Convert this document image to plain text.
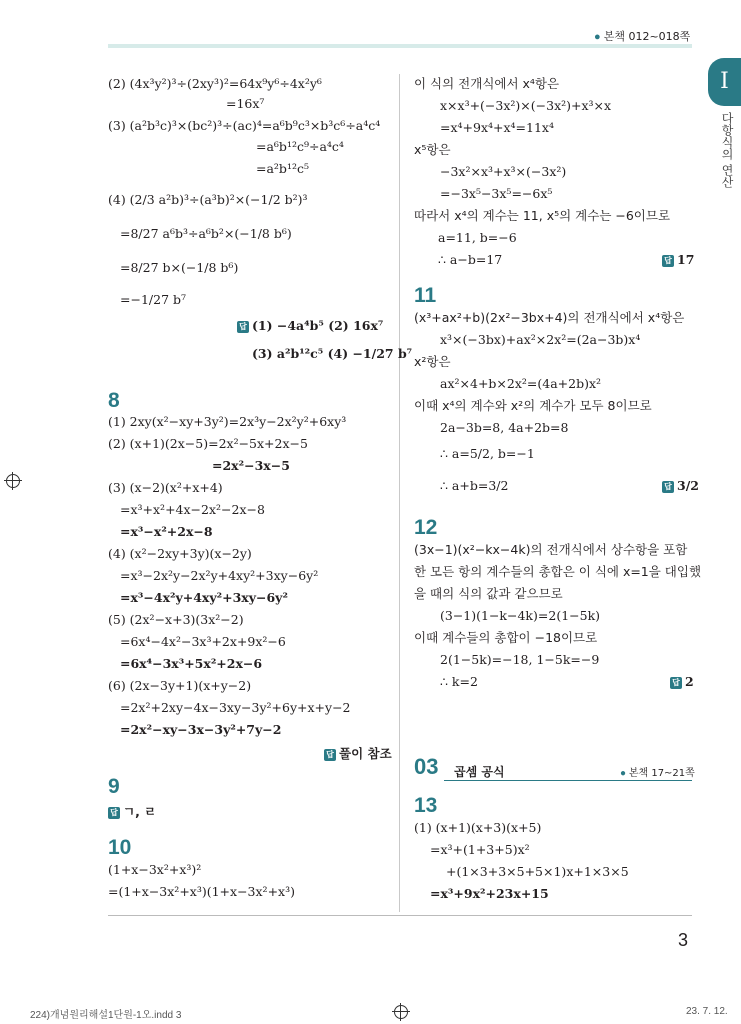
● 본책 012~018쪽
I
다항식의 연산
(2) (4x³y²)³÷(2xy³)²=64x⁹y⁶÷4x²y⁶
=16x⁷
(3) (a²b³c)³×(bc²)³÷(ac)⁴=a⁶b⁹c³×b³c⁶÷a⁴c⁴
=a⁶b¹²c⁹÷a⁴c⁴
=a²b¹²c⁵
(4) (2/3 a²b)³÷(a³b)²×(−1/2 b²)³
=8/27 a⁶b³÷a⁶b²×(−1/8 b⁶)
=8/27 b×(−1/8 b⁶)
=−1/27 b⁷
답 (1) −4a⁴b⁵ (2) 16x⁷
(3) a²b¹²c⁵ (4) −1/27 b⁷
8
(1) 2xy(x²−xy+3y²)=2x³y−2x²y²+6xy³
(2) (x+1)(2x−5)=2x²−5x+2x−5
=2x²−3x−5
(3) (x−2)(x²+x+4)
=x³+x²+4x−2x²−2x−8
=x³−x²+2x−8
(4) (x²−2xy+3y)(x−2y)
=x³−2x²y−2x²y+4xy²+3xy−6y²
=x³−4x²y+4xy²+3xy−6y²
(5) (2x²−x+3)(3x²−2)
=6x⁴−4x²−3x³+2x+9x²−6
=6x⁴−3x³+5x²+2x−6
(6) (2x−3y+1)(x+y−2)
=2x²+2xy−4x−3xy−3y²+6y+x+y−2
=2x²−xy−3x−3y²+7y−2
답 풀이 참조
9
답 ㄱ, ㄹ
10
(1+x−3x²+x³)²
=(1+x−3x²+x³)(1+x−3x²+x³)
이 식의 전개식에서 x⁴항은
x×x³+(−3x²)×(−3x²)+x³×x
=x⁴+9x⁴+x⁴=11x⁴
x⁵항은
−3x²×x³+x³×(−3x²)
=−3x⁵−3x⁵=−6x⁵
따라서 x⁴의 계수는 11, x⁵의 계수는 −6이므로
a=11, b=−6
∴ a−b=17	답 17
11
(x³+ax²+b)(2x²−3bx+4)의 전개식에서 x⁴항은
x³×(−3bx)+ax²×2x²=(2a−3b)x⁴
x²항은
ax²×4+b×2x²=(4a+2b)x²
이때 x⁴의 계수와 x²의 계수가 모두 8이므로
2a−3b=8, 4a+2b=8
∴ a=5/2, b=−1
∴ a+b=3/2	답 3/2
12
(3x−1)(x²−kx−4k)의 전개식에서 상수항을 포함
한 모든 항의 계수들의 총합은 이 식에 x=1을 대입했
을 때의 식의 값과 같으므로
(3−1)(1−k−4k)=2(1−5k)
이때 계수들의 총합이 −18이므로
2(1−5k)=−18, 1−5k=−9
∴ k=2	답 2
03 곱셈 공식	● 본책 17~21쪽
13
(1) (x+1)(x+3)(x+5)
=x³+(1+3+5)x²
+(1×3+3×5+5×1)x+1×3×5
=x³+9x²+23x+15
3
224)개념원리해설1단원-1오.indd 3	23. 7. 12.
